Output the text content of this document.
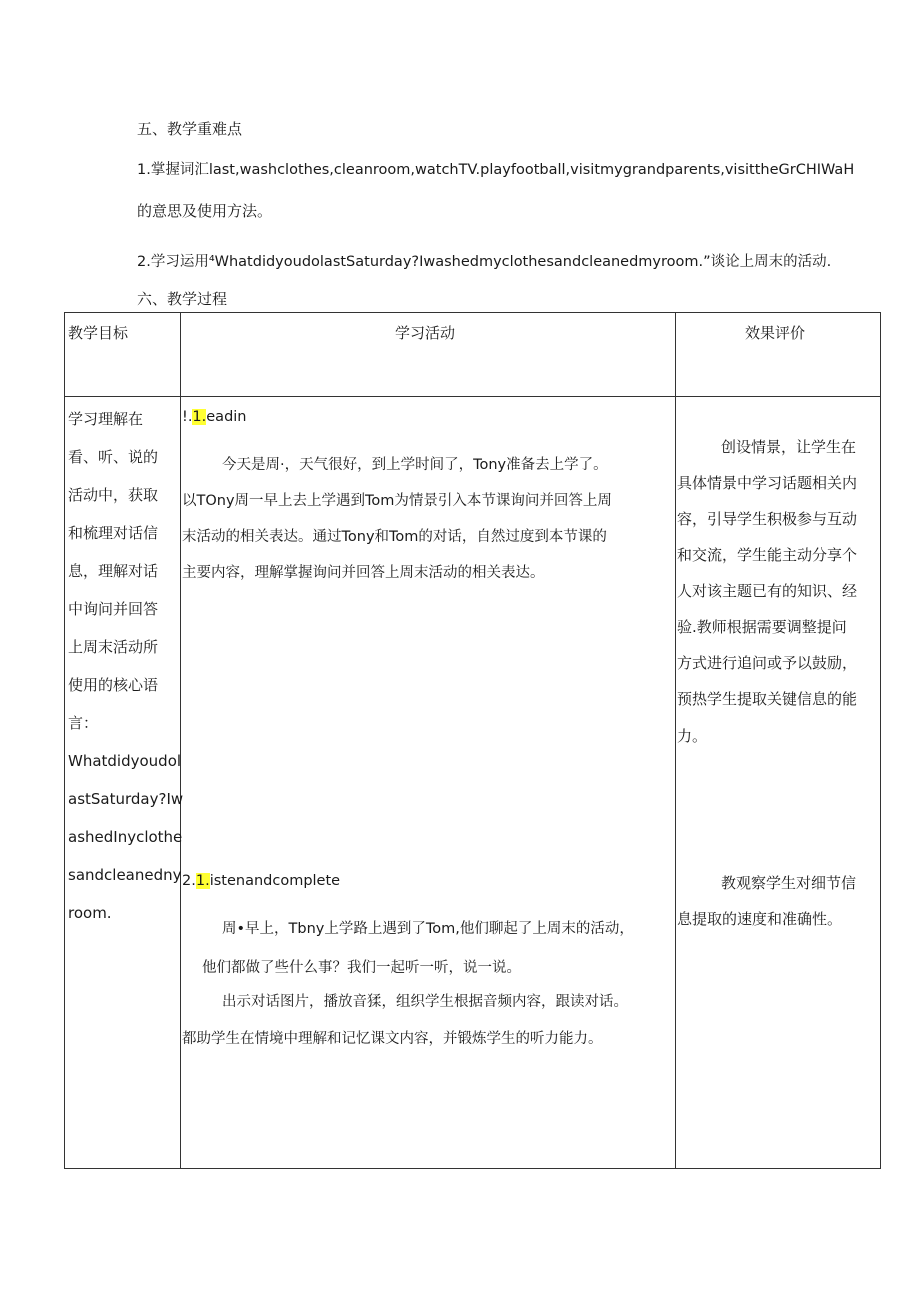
五、教学重难点
1.掌握词汇last,washclothes,cleanroom,watchTV.playfootball,visitmygrandparents,visittheGrCHIWaH
的意思及使用方法。
2.学习运用⁴WhatdidyoudolastSaturday?Iwashedmyclothesandcleanedmyroom.”谈论上周末的活动.
六、教学过程
教学目标	学习活动	效果评价
学习理解在
看、听、说的
活动中，获取
和梳理对话信
息，理解对话
中询问并回答
上周末活动所
使用的核心语
言：
Whatdidyoudol
astSaturday?Iw
ashedInyclothe
sandcleanedny
room.
!.1.eadin
今天是周·，天气很好，到上学时间了，Tony准备去上学了。
以TOny周一早上去上学遇到Tom为情景引入本节课询问并回答上周
末活动的相关表达。通过Tony和Tom的对话，自然过度到本节课的
主要内容，理解掌握询问并回答上周末活动的相关表达。
2.1.istenandcomplete
周•早上，Tbny上学路上遇到了Tom,他们聊起了上周末的活动，
他们都做了些什么事？我们一起听一听，说一说。
出示对话图片，播放音猱，组织学生根据音频内容，跟读对话。
都助学生在情境中理解和记忆课文内容，并锻炼学生的听力能力。
创设情景，让学生在
具体情景中学习话题相关内
容，引导学生积极参与互动
和交流，学生能主动分享个
人对该主题已有的知识、经
验.教师根据需要调整提问
方式进行追问或予以鼓励，
预热学生提取关键信息的能
力。
教观察学生对细节信
息提取的速度和准确性。
